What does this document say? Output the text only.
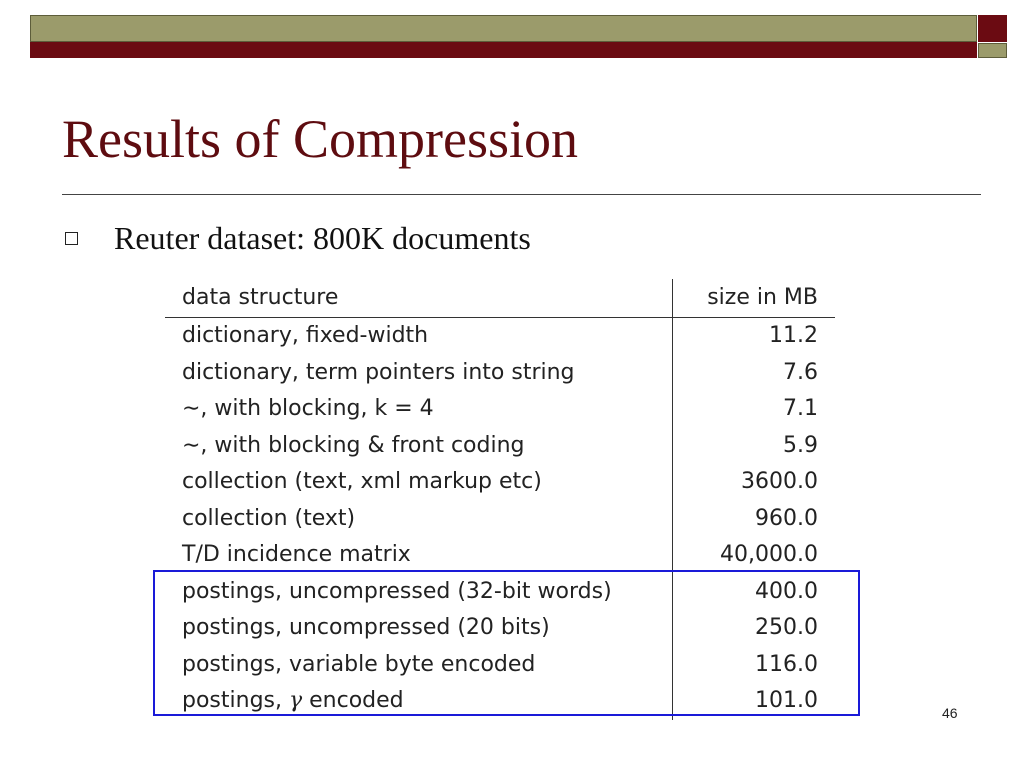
Results of Compression
Reuter dataset: 800K documents
data structure	size in MB
dictionary, fixed-width	11.2
dictionary, term pointers into string	7.6
∼, with blocking, k = 4	7.1
∼, with blocking & front coding	5.9
collection (text, xml markup etc)	3600.0
collection (text)	960.0
T/D incidence matrix	40,000.0
postings, uncompressed (32-bit words)	400.0
postings, uncompressed (20 bits)	250.0
postings, variable byte encoded	116.0
postings, γ encoded	101.0	46
